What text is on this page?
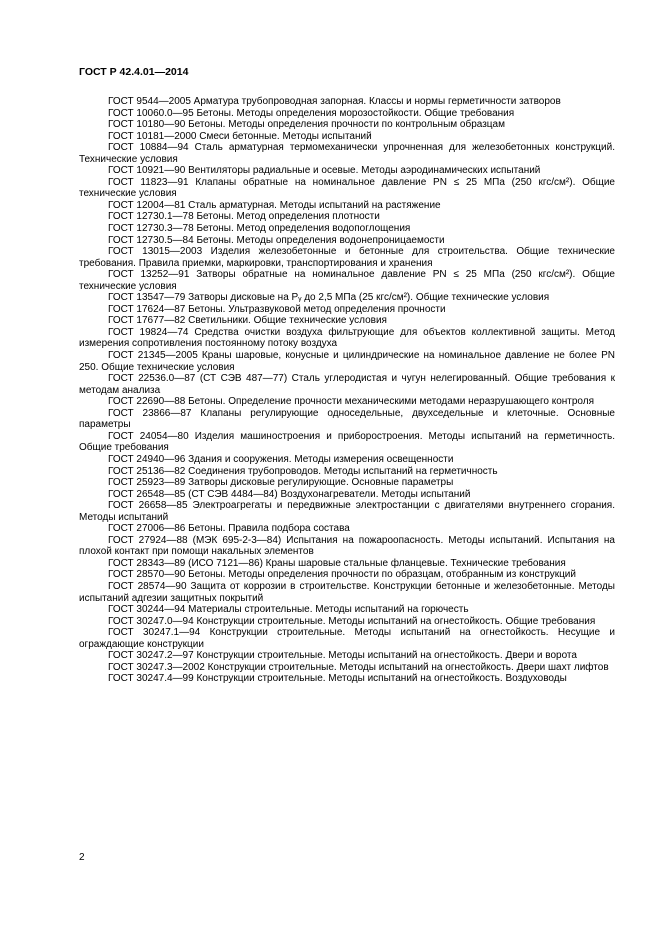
ГОСТ Р 42.4.01—2014

ГОСТ 9544—2005 Арматура трубопроводная запорная. Классы и нормы герметичности затворов

ГОСТ 10060.0—95 Бетоны. Методы определения морозостойкости. Общие требования

ГОСТ 10180—90 Бетоны. Методы определения прочности по контрольным образцам

ГОСТ 10181—2000 Смеси бетонные. Методы испытаний

ГОСТ 10884—94 Сталь арматурная термомеханически упрочненная для железобетонных конструкций. Технические условия

ГОСТ 10921—90 Вентиляторы радиальные и осевые. Методы аэродинамических испытаний

ГОСТ 11823—91 Клапаны обратные на номинальное давление PN ≤ 25 МПа (250 кгс/см²). Общие технические условия

ГОСТ 12004—81 Сталь арматурная. Методы испытаний на растяжение

ГОСТ 12730.1—78 Бетоны. Метод определения плотности

ГОСТ 12730.3—78 Бетоны. Метод определения водопоглощения

ГОСТ 12730.5—84 Бетоны. Методы определения водонепроницаемости

ГОСТ 13015—2003 Изделия железобетонные и бетонные для строительства. Общие технические требования. Правила приемки, маркировки, транспортирования и хранения

ГОСТ 13252—91 Затворы обратные на номинальное давление PN ≤ 25 МПа (250 кгс/см²). Общие технические условия

ГОСТ 13547—79 Затворы дисковые на Pᵧ до 2,5 МПа (25 кгс/см²). Общие технические условия

ГОСТ 17624—87 Бетоны. Ультразвуковой метод определения прочности

ГОСТ 17677—82 Светильники. Общие технические условия

ГОСТ 19824—74 Средства очистки воздуха фильтрующие для объектов коллективной защиты. Метод измерения сопротивления постоянному потоку воздуха

ГОСТ 21345—2005 Краны шаровые, конусные и цилиндрические на номинальное давление не более PN 250. Общие технические условия

ГОСТ 22536.0—87 (СТ СЭВ 487—77) Сталь углеродистая и чугун нелегированный. Общие требования к методам анализа

ГОСТ 22690—88 Бетоны. Определение прочности механическими методами неразрушающего контроля

ГОСТ 23866—87 Клапаны регулирующие односедельные, двухседельные и клеточные. Основные параметры

ГОСТ 24054—80 Изделия машиностроения и приборостроения. Методы испытаний на герметичность. Общие требования

ГОСТ 24940—96 Здания и сооружения. Методы измерения освещенности

ГОСТ 25136—82 Соединения трубопроводов. Методы испытаний на герметичность

ГОСТ 25923—89 Затворы дисковые регулирующие. Основные параметры

ГОСТ 26548—85 (СТ СЭВ 4484—84) Воздухонагреватели. Методы испытаний

ГОСТ 26658—85 Электроагрегаты и передвижные электростанции с двигателями внутреннего сгорания. Методы испытаний

ГОСТ 27006—86 Бетоны. Правила подбора состава

ГОСТ 27924—88 (МЭК 695-2-3—84) Испытания на пожароопасность. Методы испытаний. Испытания на плохой контакт при помощи накальных элементов

ГОСТ 28343—89 (ИСО 7121—86) Краны шаровые стальные фланцевые. Технические требования

ГОСТ 28570—90 Бетоны. Методы определения прочности по образцам, отобранным из конструкций

ГОСТ 28574—90 Защита от коррозии в строительстве. Конструкции бетонные и железобетонные. Методы испытаний адгезии защитных покрытий

ГОСТ 30244—94 Материалы строительные. Методы испытаний на горючесть

ГОСТ 30247.0—94 Конструкции строительные. Методы испытаний на огнестойкость. Общие требования

ГОСТ 30247.1—94 Конструкции строительные. Методы испытаний на огнестойкость. Несущие и ограждающие конструкции

ГОСТ 30247.2—97 Конструкции строительные. Методы испытаний на огнестойкость. Двери и ворота

ГОСТ 30247.3—2002 Конструкции строительные. Методы испытаний на огнестойкость. Двери шахт лифтов

ГОСТ 30247.4—99 Конструкции строительные. Методы испытаний на огнестойкость. Воздуховоды

2
